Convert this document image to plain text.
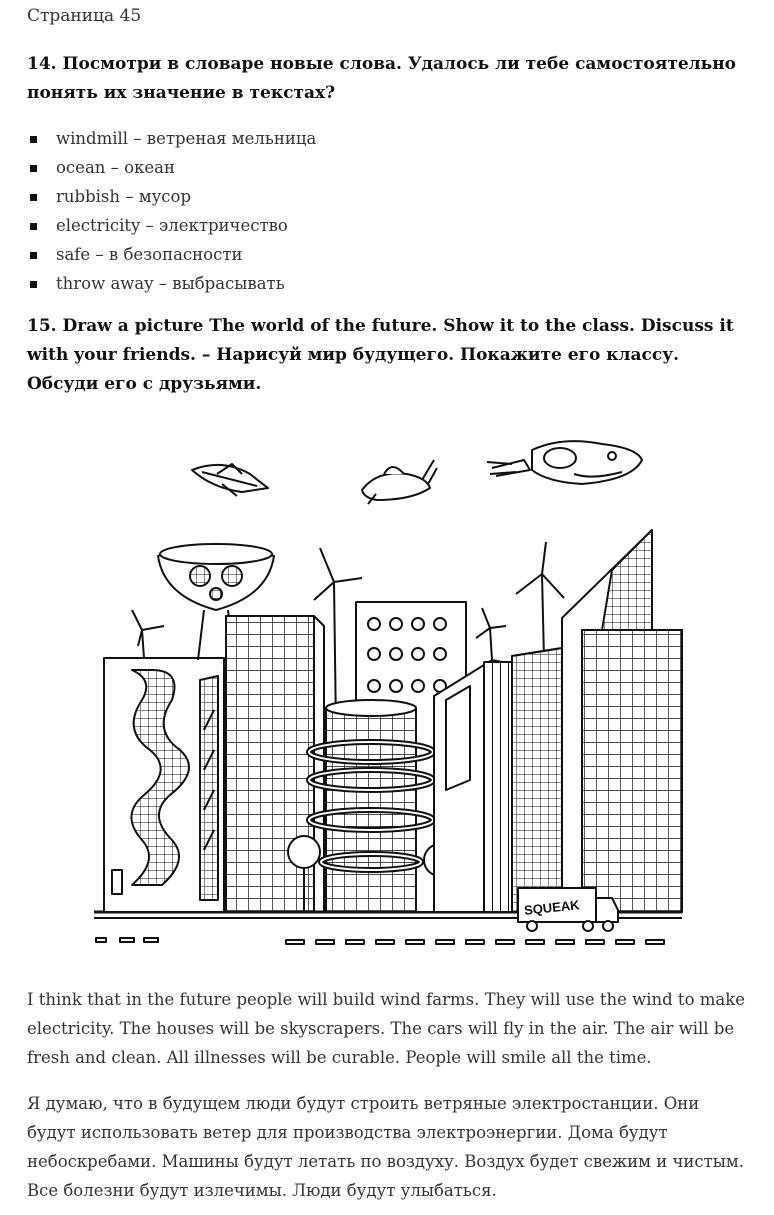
Страница 45
14. Посмотри в словаре новые слова. Удалось ли тебе самостоятельно понять их значение в текстах?
windmill – ветреная мельница
ocean – океан
rubbish – мусор
electricity – электричество
safe – в безопасности
throw away – выбрасывать
15. Draw a picture The world of the future. Show it to the class. Discuss it with your friends. – Нарисуй мир будущего. Покажите его классу. Обсуди его с друзьями.
SQUEAK

I think that in the future people will build wind farms. They will use the wind to make electricity. The houses will be skyscrapers. The cars will fly in the air. The air will be fresh and clean. All illnesses will be curable. People will smile all the time.

Я думаю, что в будущем люди будут строить ветряные электростанции. Они будут использовать ветер для производства электроэнергии. Дома будут небоскребами. Машины будут летать по воздуху. Воздух будет свежим и чистым. Все болезни будут излечимы. Люди будут улыбаться.
